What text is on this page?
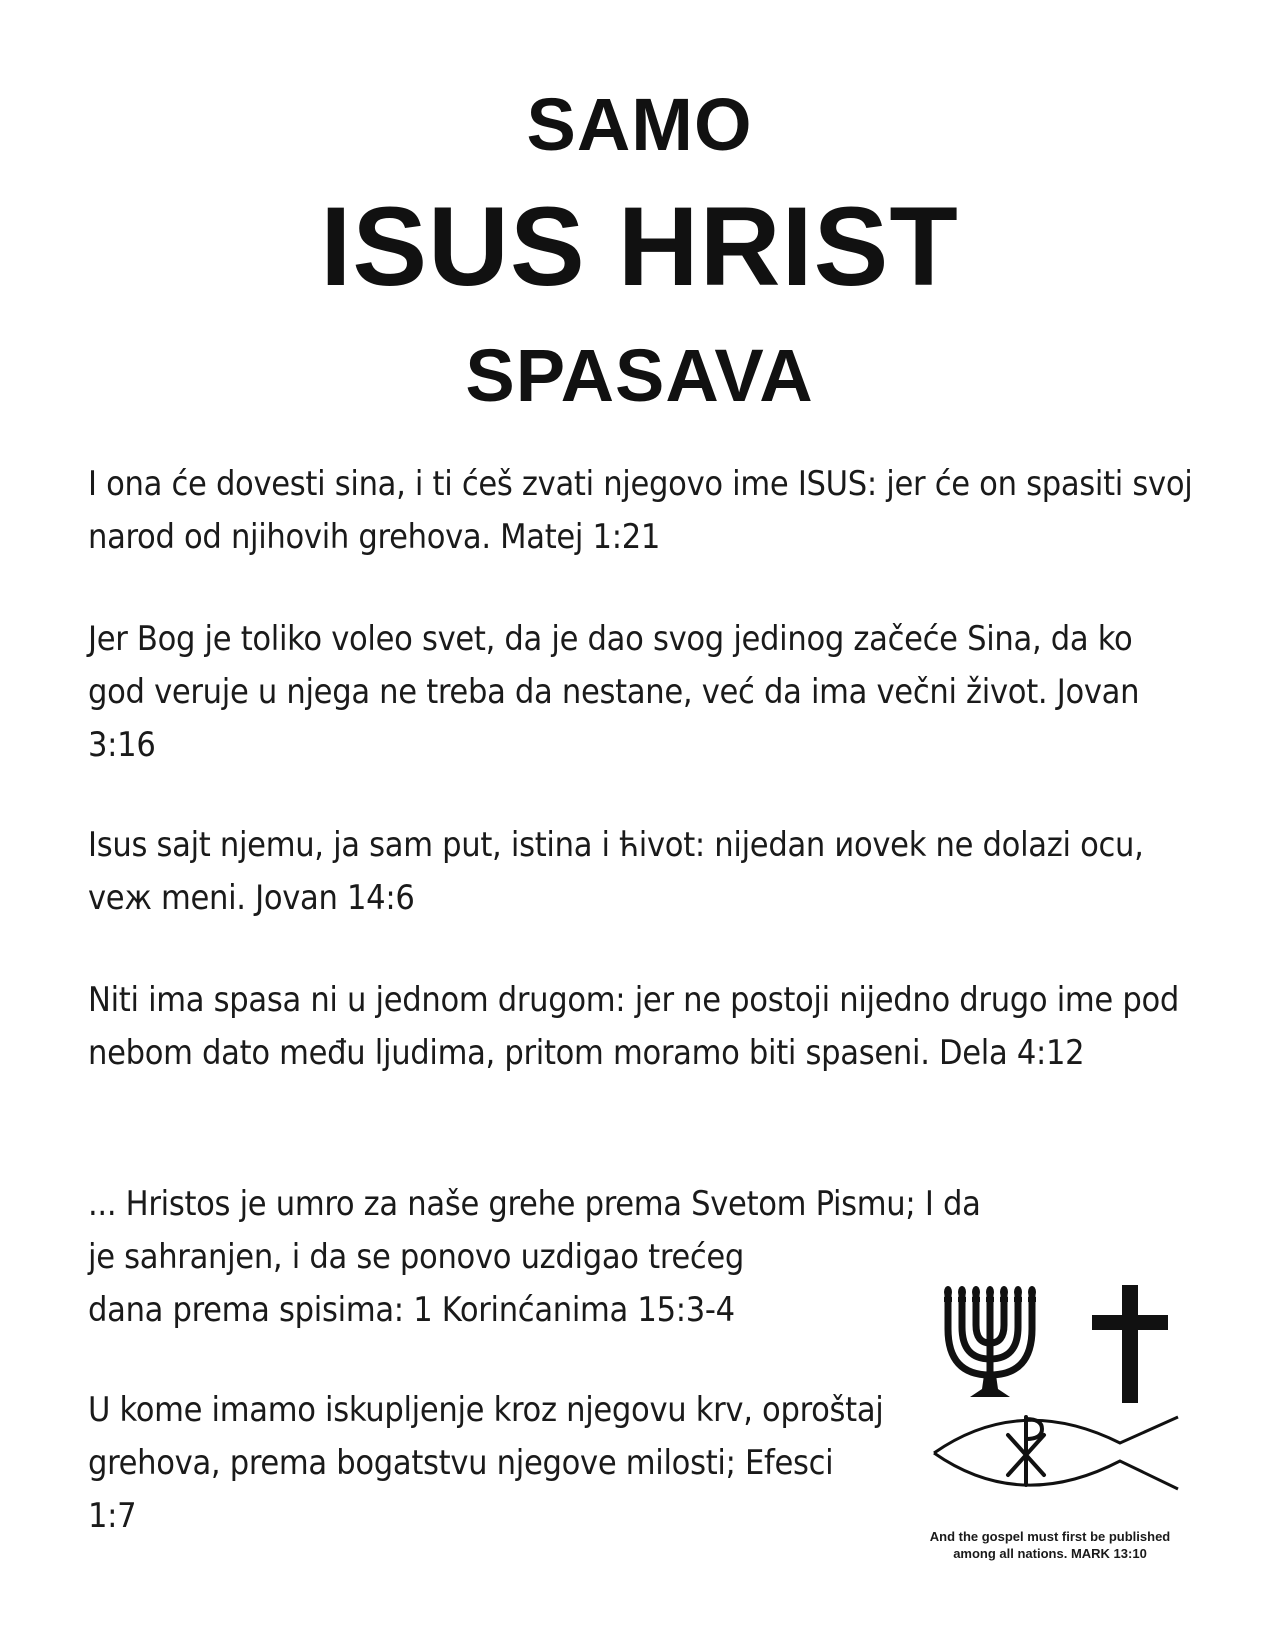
SAMO
ISUS HRIST
SPASAVA

I ona će dovesti sina, i ti ćeš zvati njegovo ime ISUS: jer će on spasiti svoj narod od njihovih grehova. Matej 1:21

Jer Bog je toliko voleo svet, da je dao svog jedinog začeće Sina, da ko god veruje u njega ne treba da nestane, već da ima večni život. Jovan 3:16

Isus sajt njemu, ja sam put, istina i ћivot: nijedan иovek ne dolazi ocu, veж meni. Jovan 14:6

Niti ima spasa ni u jednom drugom: jer ne postoji nijedno drugo ime pod nebom dato među ljudima, pritom moramo biti spaseni. Dela 4:12

... Hristos je umro za naše grehe prema Svetom Pismu; I da
je sahranjen, i da se ponovo uzdigao trećeg
dana prema spisima: 1 Korinćanima 15:3-4

U kome imamo iskupljenje kroz njegovu krv, oproštaj grehova, prema bogatstvu njegove milosti; Efesci 1:7

And the gospel must first be published
among all nations. MARK 13:10
